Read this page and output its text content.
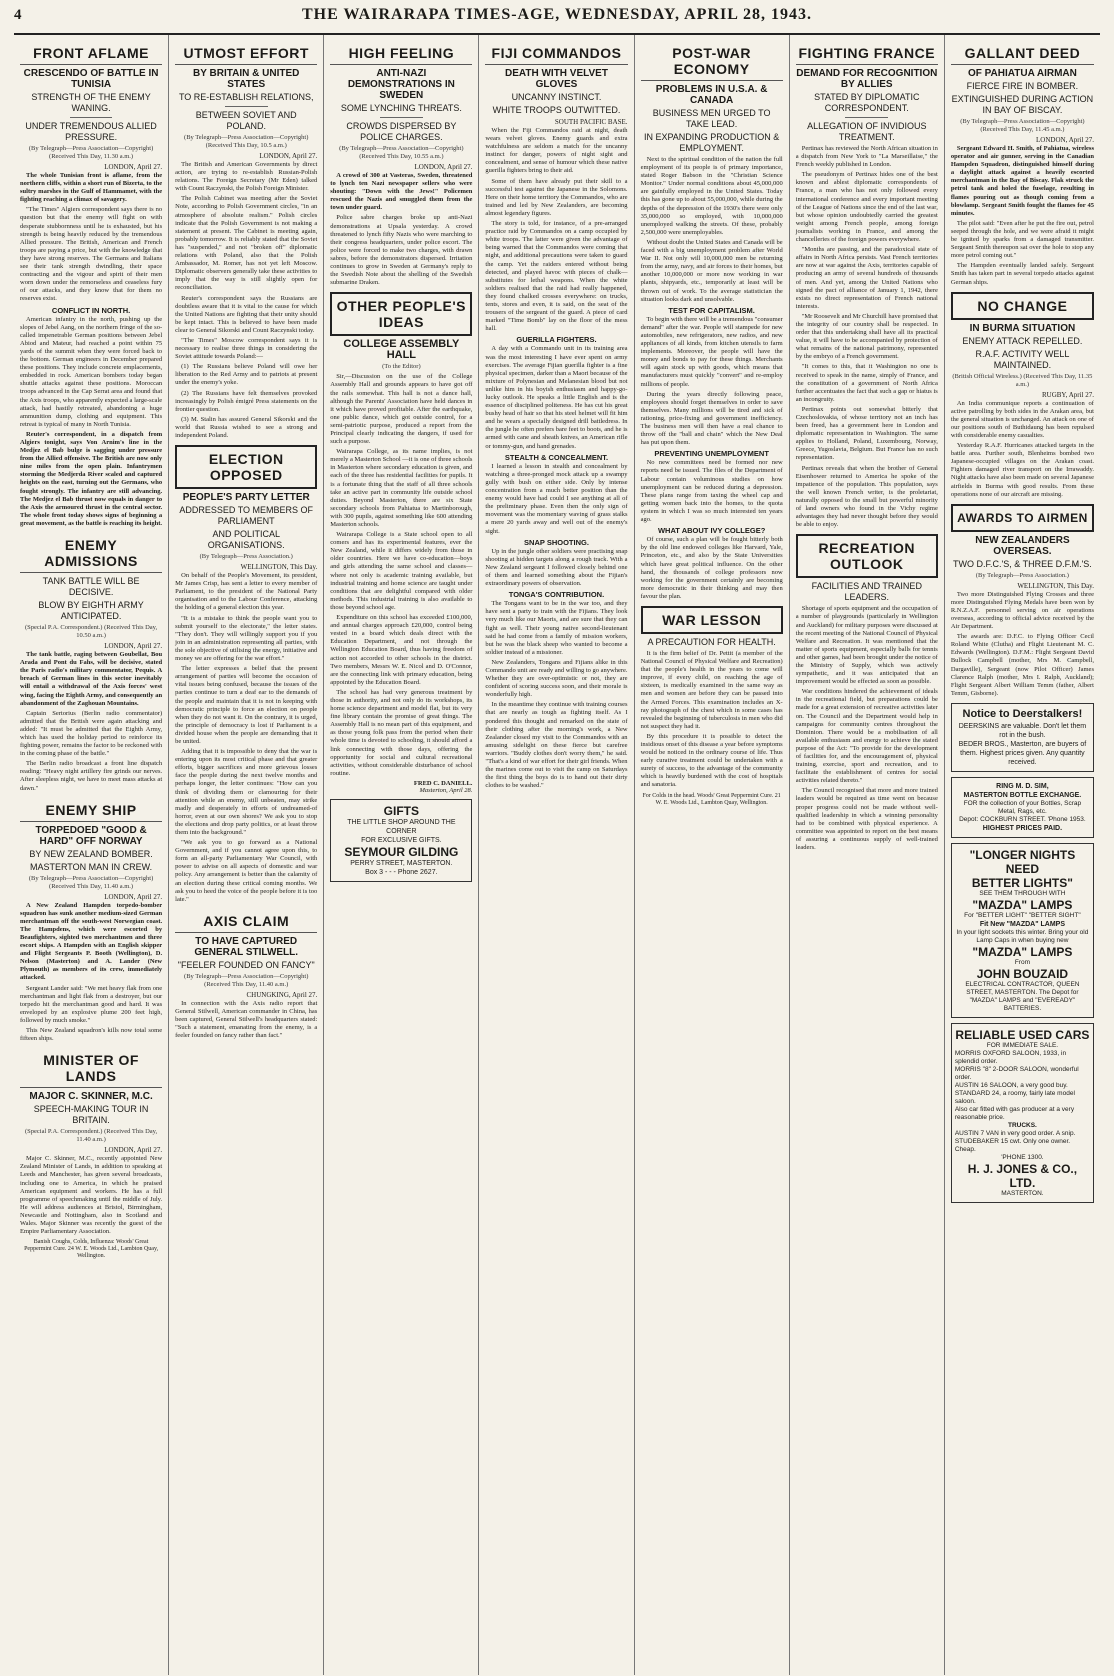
4	THE WAIRARAPA TIMES-AGE, WEDNESDAY, APRIL 28, 1943.
FRONT AFLAME
CRESCENDO OF BATTLE IN TUNISIA
STRENGTH OF THE ENEMY WANING.
UNDER TREMENDOUS ALLIED PRESSURE.
(By Telegraph—Press Association—Copyright) (Received This Day, 11.30 a.m.)
LONDON, April 27.

The whole Tunisian front is aflame, from the northern cliffs, within a short run of Bizerta, to the sultry marshes in the Gulf of Hammamet, with the fighting reaching a climax of savagery.

"The Times" Algiers correspondent says there is no question but that the enemy will fight on with desperate stubbornness until he is exhausted, but his strength is being heavily reduced by the tremendous Allied pressure. The British, American and French troops are paying a price, but with the knowledge that they have strong reserves. The Germans and Italians see their tank strength dwindling, their space contracting and the vigour and spirit of their men worn down under the remorseless and ceaseless fury of our attacks, and they know that for them no reserves exist.

CONFLICT IN NORTH.

American infantry in the north, pushing up the slopes of Jebel Aang, on the northern fringe of the so-called impenetrable German positions between Jebel Abiod and Mateur, had reached a point within 75 yards of the summit when they were forced back to the bottom. German engineers in December prepared these positions. They include concrete emplacements, embedded in rock. American bombers today began shuttle attacks against these positions. Moroccan troops advanced in the Cap Serrat area and found that the Axis troops, who apparently expected a large-scale attack, had hastily retreated, abandoning a huge ammunition dump, clothing and equipment. This retreat is typical of many in North Tunisia.

Reuter's correspondent, in a dispatch from Algiers tonight, says Von Arnim's line in the Medjez el Bab bulge is sagging under pressure from the Allied offensive. The British are now only nine miles from the open plain. Infantrymen storming the Medjerda River scaled and captured heights on the east, turning out the Germans, who fought strongly. The infantry are still advancing. The Medjez el Bab thrust now equals in danger to the Axis the armoured thrust in the central sector. The whole front today shows signs of beginning a great movement, as the battle is reaching its height.

ENEMY ADMISSIONS
TANK BATTLE WILL BE DECISIVE.
BLOW BY EIGHTH ARMY ANTICIPATED.
(Special P.A. Correspondent.) (Received This Day, 10.50 a.m.)
LONDON, April 27.

The tank battle, raging between Goubellat, Bou Arada and Pont du Fahs, will be decisive, stated the Paris radio's military commentator, Pequis. A breach of German lines in this sector inevitably will entail a withdrawal of the Axis forces' west wing, facing the Eighth Army, and consequently an abandonment of the Zaghouan Mountains.

Captain Sertorius (Berlin radio commentator) admitted that the British were again attacking and added: "It must be admitted that the Eighth Army, which has used the holiday period to reinforce its fighting power, remains the factor to be reckoned with in the coming phase of the battle."

The Berlin radio broadcast a front line dispatch reading: "Heavy night artillery fire grinds our nerves. After sleepless night, we have to meet mass attacks at dawn."

ENEMY SHIP
TORPEDOED "GOOD & HARD" OFF NORWAY
BY NEW ZEALAND BOMBER.
MASTERTON MAN IN CREW.
(By Telegraph—Press Association—Copyright) (Received This Day, 11.40 a.m.)
LONDON, April 27.

A New Zealand Hampden torpedo-bomber squadron has sunk another medium-sized German merchantman off the south-west Norwegian coast. The Hampdens, which were escorted by Beaufighters, sighted two merchantmen and three escort ships. A Hampden with an English skipper and Flight Sergeants P. Booth (Wellington), D. Nelson (Masterton) and A. Lander (New Plymouth) as members of its crew, immediately attacked.

Sergeant Lander said: "We met heavy flak from one merchantman and light flak from a destroyer, but our torpedo hit the merchantman good and hard. It was enveloped by an explosive plume 200 feet high, followed by much smoke."

This New Zealand squadron's kills now total some fifteen ships.

MINISTER OF LANDS
MAJOR C. SKINNER, M.C.
SPEECH-MAKING TOUR IN BRITAIN.
(Special P.A. Correspondent.) (Received This Day, 11.40 a.m.)
LONDON, April 27.

Major C. Skinner, M.C., recently appointed New Zealand Minister of Lands, in addition to speaking at Leeds and Manchester, has given several broadcasts, including one to America, in which he praised American equipment and workers. He has a full programme of speechmaking until the middle of July. He will address audiences at Bristol, Birmingham, Newcastle and Nottingham, also in Scotland and Wales. Major Skinner was recently the guest of the Empire Parliamentary Association.

Banish Coughs, Colds, Influenza: Woods' Great Peppermint Cure. 24 W. E. Woods Ltd., Lambton Quay, Wellington.
UTMOST EFFORT
BY BRITAIN & UNITED STATES
TO RE-ESTABLISH RELATIONS,
BETWEEN SOVIET AND POLAND.
(By Telegraph—Press Association—Copyright) (Received This Day, 10.5 a.m.)
LONDON, April 27.

The British and American Governments by direct action, are trying to re-establish Russian-Polish relations. The Foreign Secretary (Mr Eden) talked with Count Raczynski, the Polish Foreign Minister.

The Polish Cabinet was meeting after the Soviet Note, according to Polish Government circles, "in an atmosphere of absolute realism." Polish circles indicate that the Polish Government is not making a statement at present. The Cabinet is meeting again, probably tomorrow. It is reliably stated that the Soviet has "suspended," and not "broken off" diplomatic relations with Poland, also that the Polish Ambassador, M. Romer, has not yet left Moscow. Diplomatic observers generally take these activities to imply that the way is still slightly open for reconciliation.

Reuter's correspondent says the Russians are doubtless aware that it is vital to the cause for which the United Nations are fighting that their unity should be kept intact. This is believed to have been made clear to General Sikorski and Count Raczynski today.

"The Times" Moscow correspondent says it is necessary to realise three things in considering the Soviet attitude towards Poland:—

(1) The Russians believe Poland will owe her liberation to the Red Army and to patriots at present under the enemy's yoke.

(2) The Russians have felt themselves provoked increasingly by Polish émigré Press statements on the frontier question.

(3) M. Stalin has assured General Sikorski and the world that Russia wished to see a strong and independent Poland.

ELECTION OPPOSED
PEOPLE'S PARTY LETTER
ADDRESSED TO MEMBERS OF PARLIAMENT
AND POLITICAL ORGANISATIONS.
(By Telegraph—Press Association.)
WELLINGTON, This Day.

On behalf of the People's Movement, its president, Mr James Crisp, has sent a letter to every member of Parliament, to the president of the National Party organisation and to the Labour Conference, attacking the holding of a general election this year.

"It is a mistake to think the people want you to submit yourself to the electorate," the letter states. "They don't. They will willingly support you if you join in an administration representing all parties, with the sole objective of utilising the energy, initiative and money we are offering for the war effort."

The letter expresses a belief that the present arrangement of parties will become the occasion of vital issues being confused, because the issues of the parties continue to turn a deaf ear to the demands of the people and maintain that it is not in keeping with democratic principle to force an election on people when they do not want it. On the contrary, it is urged, the principle of democracy is lost if Parliament is a divided house when the people are demanding that it be united.

Adding that it is impossible to deny that the war is entering upon its most critical phase and that greater efforts, bigger sacrifices and more grievous losses face the people during the next twelve months and perhaps longer, the letter continues: "How can you think of dividing them or clamouring for their attention while an enemy, still unbeaten, may strike madly and desperately in efforts of undreamed-of horror, even at our own shores? We ask you to stop the elections and drop party politics, or at least throw them into the background."

"We ask you to go forward as a National Government, and if you cannot agree upon this, to form an all-party Parliamentary War Council, with power to advise on all aspects of domestic and war policy. Any arrangement is better than the calamity of an election during these critical coming months. We ask you to heed the voice of the people before it is too late."

AXIS CLAIM
TO HAVE CAPTURED GENERAL STILWELL.
"FEELER FOUNDED ON FANCY"
(By Telegraph—Press Association—Copyright) (Received This Day, 11.40 a.m.)
CHUNGKING, April 27.

In connection with the Axis radio report that General Stilwell, American commander in China, has been captured, General Stilwell's headquarters stated: "Such a statement, emanating from the enemy, is a feeler founded on fancy rather than fact."

HIGH FEELING
ANTI-NAZI DEMONSTRATIONS IN SWEDEN
SOME LYNCHING THREATS.
CROWDS DISPERSED BY POLICE CHARGES.
(By Telegraph—Press Association—Copyright) (Received This Day, 10.55 a.m.)
LONDON, April 27.

A crowd of 300 at Vasteras, Sweden, threatened to lynch ten Nazi newspaper sellers who were shouting: "Down with the Jews!" Policemen rescued the Nazis and smuggled them from the town under guard.

Police sabre charges broke up anti-Nazi demonstrations at Upsala yesterday. A crowd threatened to lynch fifty Nazis who were marching to their congress headquarters, under police escort. The police were forced to make two charges, with drawn sabres, before the demonstrators dispersed. Irritation continues to grow in Sweden at Germany's reply to the Swedish Note about the shelling of the Swedish submarine Draken.

OTHER PEOPLE'S IDEAS
COLLEGE ASSEMBLY HALL
(To the Editor)

Sir,—Discussion on the use of the College Assembly Hall and grounds appears to have got off the rails somewhat. This hall is not a dance hall, although the Parents' Association have held dances in it which have proved profitable. After the earthquake, one public dance, which got outside control, for a semi-patriotic purpose, produced a report from the Principal clearly indicating the dangers, if used for such a purpose.

Wairarapa College, as its name implies, is not merely a Masterton School —it is one of three schools in Masterton where secondary education is given, and each of the three has residential facilities for pupils. It is a fortunate thing that the staff of all three schools take an active part in community life outside school duties. Beyond Masterton, there are six State secondary schools from Pahiatua to Martinborough, with 300 pupils, against something like 600 attending Masterton schools.

Wairarapa College is a State school open to all comers and has its experimental features, ever the New Zealand, while it differs widely from those in older countries. Here we have co-education—boys and girls attending the same school and classes—where not only is academic training available, but industrial training and home science are taught under conditions that are delightful compared with older methods. This industrial training is also available to those beyond school age.

Expenditure on this school has exceeded £100,000, and annual charges approach £20,000, control being vested in a board which deals direct with the Education Department, and not through the Wellington Education Board, thus having freedom of action not accorded to other schools in the district. Two members, Messrs W. E. Nicol and D. O'Connor, are the connecting link with primary education, being appointed by the Education Board.

The school has had very generous treatment by those in authority, and not only do its workshops, its home science department and model flat, but its very fine library contain the promise of great things. The Assembly Hall is no mean part of this equipment, and as those young folk pass from the period when their whole time is devoted to schooling, it should afford a link connecting with those days, offering the opportunity for social and cultural recreational activities, without considerable disturbance of school routine.

FRED C. DANIELL.
Masterton, April 28.
GIFTS
THE LITTLE SHOP AROUND THE CORNER
FOR EXCLUSIVE GIFTS.
SEYMOUR GILDING
PERRY STREET, MASTERTON.
Box 3 - - - Phone 2627.
FIJI COMMANDOS
DEATH WITH VELVET GLOVES
UNCANNY INSTINCT.
WHITE TROOPS OUTWITTED.
SOUTH PACIFIC BASE.

When the Fiji Commandos raid at night, death wears velvet gloves. Enemy guards and extra watchfulness are seldom a match for the uncanny instinct for danger, powers of night sight and concealment, and sense of humour which these native guerilla fighters bring to their aid.

Some of them have already put their skill to a successful test against the Japanese in the Solomons. Here on their home territory the Commandos, who are trained and led by New Zealanders, are becoming almost legendary figures.

The story is told, for instance, of a pre-arranged practice raid by Commandos on a camp occupied by white troops. The latter were given the advantage of being warned that the Commandos were coming that night, and additional precautions were taken to guard the camp. Yet the raiders entered without being detected, and played havoc with pieces of chalk—substitutes for lethal weapons. When the white soldiers realised that the raid had really happened, they found chalked crosses everywhere: on trucks, tents, stores and even, it is said, on the seat of the trousers of the sergeant of the guard. A piece of card marked "Time Bomb" lay on the floor of the mess hall.

GUERILLA FIGHTERS.

A day with a Commando unit in its training area was the most interesting I have ever spent on army exercises. The average Fijian guerilla fighter is a fine physical specimen, darker than a Maori because of the mixture of Polynesian and Melanesian blood but not unlike him in his boyish enthusiasm and happy-go-lucky outlook. He speaks a little English and is the essence of disciplined politeness. He has cut his great bushy head of hair so that his steel helmet will fit him and he wears a specially designed drill battledress. In the jungle he often prefers bare feet to boots, and he is armed with cane and sheath knives, an American rifle or tommy-gun, and hand grenades.

STEALTH & CONCEALMENT.

I learned a lesson in stealth and concealment by watching a three-pronged mock attack up a swampy gully with bush on either side. Only by intense concentration from a much better position than the enemy would have had could I see anything at all of the preliminary phase. Even then the only sign of movement was the momentary waving of grass stalks a mere 20 yards away and well out of the enemy's sight.

SNAP SHOOTING.

Up in the jungle other soldiers were practising snap shooting at hidden targets along a rough track. With a New Zealand sergeant I followed closely behind one of them and learned something about the Fijian's extraordinary powers of observation.

TONGA'S CONTRIBUTION.

The Tongans want to be in the war too, and they have sent a party to train with the Fijians. They look very much like our Maoris, and are sure that they can fight as well. Their young native second-lieutenant said he had come from a family of mission workers, but he was the black sheep who wanted to become a soldier instead of a missioner.

New Zealanders, Tongans and Fijians alike in this Commando unit are ready and willing to go anywhere. Whether they are over-optimistic or not, they are confident of scoring success soon, and their morale is wonderfully high.

In the meantime they continue with training courses that are nearly as tough as fighting itself. As I pondered this thought and remarked on the state of their clothing after the morning's work, a New Zealander closed my visit to the Commandos with an amusing sidelight on these fierce but carefree warriors. "Buddy clothes don't worry them," he said. "That's a kind of war effort for their girl friends. When the marines come out to visit the camp on Saturdays the first thing the boys do is to hand out their dirty clothes to be washed."

POST-WAR ECONOMY
PROBLEMS IN U.S.A. & CANADA
BUSINESS MEN URGED TO TAKE LEAD.
IN EXPANDING PRODUCTION & EMPLOYMENT.

Next to the spiritual condition of the nation the full employment of its people is of primary importance, stated Roger Babson in the "Christian Science Monitor." Under normal conditions about 45,000,000 are gainfully employed in the United States. Today this has gone up to about 55,000,000, while during the depths of the depression of the 1930's there were only 35,000,000 so employed, with 10,000,000 unemployed walking the streets. Of these, probably 2,500,000 were unemployables.

Without doubt the United States and Canada will be faced with a big unemployment problem after World War II. Not only will 10,000,000 men be returning from the army, navy, and air forces to their homes, but another 10,000,000 or more now working in war plants, shipyards, etc., temporarily at least will be thrown out of work. To the average statistician the situation looks dark and unsolvable.

TEST FOR CAPITALISM.

To begin with there will be a tremendous "consumer demand" after the war. People will stampede for new automobiles, new refrigerators, new radios, and new appliances of all kinds, from kitchen utensils to farm implements. Moreover, the people will have the money and bonds to pay for these things. Merchants will again stock up with goods, which means that manufacturers must quickly "convert" and re-employ millions of people.

During the years directly following peace, employees should forget themselves in order to save themselves. Many millions will be tired and sick of rationing, price-fixing and government inefficiency. The business men will then have a real chance to throw off the "ball and chain" which the New Deal has put upon them.

PREVENTING UNEMPLOYMENT

No new committees need be formed nor new reports need be issued. The files of the Department of Labour contain voluminous studies on how unemployment can be reduced during a depression. These plans range from taxing the wheel cap and getting women back into the homes, to the quota system in which I was so much interested ten years ago.

WHAT ABOUT IVY COLLEGE?

Of course, such a plan will be fought bitterly both by the old line endowed colleges like Harvard, Yale, Princeton, etc., and also by the State Universities which have great political influence. On the other hand, the thousands of college professors now working for the government certainly are becoming more democratic in their thinking and may then favour the plan.

WAR LESSON
A PRECAUTION FOR HEALTH.

It is the firm belief of Dr. Pettit (a member of the National Council of Physical Welfare and Recreation) that the people's health in the years to come will improve, if every child, on reaching the age of sixteen, is medically examined in the same way as men and women are before they can be passed into the Armed Forces. This examination includes an X-ray photograph of the chest which in some cases has revealed the beginning of tuberculosis in men who did not suspect they had it.

By this procedure it is possible to detect the insidious onset of this disease a year before symptoms would be noticed in the ordinary course of life. Thus early curative treatment could be undertaken with a surety of success, to the advantage of the community which is heavily burdened with the cost of hospitals and sanatoria.

For Colds in the head. Woods' Great Peppermint Cure. 21 W. E. Woods Ltd., Lambton Quay, Wellington.
FIGHTING FRANCE
DEMAND FOR RECOGNITION BY ALLIES
STATED BY DIPLOMATIC CORRESPONDENT.
ALLEGATION OF INVIDIOUS TREATMENT.

Pertinax has reviewed the North African situation in a dispatch from New York to "La Marseillaise," the French weekly published in London.

The pseudonym of Pertinax hides one of the best known and ablest diplomatic correspondents of France, a man who has not only followed every international conference and every important meeting of the League of Nations since the end of the last war, but whose opinion undoubtedly carried the greatest weight among French people, among foreign journalists working in France, and among the chancelleries of the foreign powers everywhere.

"Months are passing, and the paradoxical state of affairs in North Africa persists. Vast French territories are now at war against the Axis, territories capable of producing an army of several hundreds of thousands of men. And yet, among the United Nations who signed the pact of alliance of January 1, 1942, there exists no direct representation of French national interests.

"Mr Roosevelt and Mr Churchill have promised that the integrity of our country shall be respected. In order that this undertaking shall have all its practical value, it will have to be accompanied by protection of what remains of the national patrimony, represented by the embryo of a French government.

"It comes to this, that it Washington no one is received to speak in the name, simply of France, and the constitution of a government of North Africa further accentuates the fact that such a gap or hiatus is an incongruity.

Pertinax points out somewhat bitterly that Czechoslovakia, of whose territory not an inch has been freed, has a government here in London and diplomatic representation in Washington. The same applies to Holland, Poland, Luxembourg, Norway, Greece, Yugoslavia, Belgium. But France has no such representation.

Pertinax reveals that when the brother of General Eisenhower returned to America he spoke of the impatience of the population. This population, says the well known French writer, is the proletariat, naturally opposed to the small but powerful minority of land owners who found in the Vichy regime advantages they had never thought before they would be able to enjoy.

RECREATION OUTLOOK
FACILITIES AND TRAINED LEADERS.

Shortage of sports equipment and the occupation of a number of playgrounds (particularly in Wellington and Auckland) for military purposes were discussed at the recent meeting of the National Council of Physical Welfare and Recreation. It was mentioned that the matter of sports equipment, especially balls for tennis and other games, had been brought under the notice of the Ministry of Supply, which was actively sympathetic, and it was anticipated that an improvement would be effected as soon as possible.

War conditions hindered the achievement of ideals in the recreational field, but preparations could be made for a great extension of recreative activities later on. The Council and the Department would help in campaigns for community centres throughout the Dominion. There would be a mobilisation of all available enthusiasm and energy to achieve the stated purpose of the Act: "To provide for the development of facilities for, and the encouragement of, physical training, exercise, sport and recreation, and to facilitate the establishment of centres for social activities related thereto."

The Council recognised that more and more trained leaders would be required as time went on because proper progress could not be made without well-qualified leadership in which a winning personality had to be combined with physical experience. A committee was appointed to report on the best means of assuring a continuous supply of well-trained leaders.

GALLANT DEED
OF PAHIATUA AIRMAN
FIERCE FIRE IN BOMBER.
EXTINGUISHED DURING ACTION IN BAY OF BISCAY.
(By Telegraph—Press Association—Copyright) (Received This Day, 11.45 a.m.)
LONDON, April 27.

Sergeant Edward H. Smith, of Pahiatua, wireless operator and air gunner, serving in the Canadian Hampden Squadron, distinguished himself during a daylight attack against a heavily escorted merchantman in the Bay of Biscay. Flak struck the petrol tank and holed the fuselage, resulting in flames pouring out as though coming from a blowlamp. Sergeant Smith fought the flames for 45 minutes.

The pilot said: "Even after he put the fire out, petrol seeped through the hole, and we were afraid it might be ignited by sparks from a damaged transmitter. Sergeant Smith thereupon sat over the hole to stop any more petrol coming out."

The Hampden eventually landed safely. Sergeant Smith has taken part in several torpedo attacks against German ships.

NO CHANGE
IN BURMA SITUATION
ENEMY ATTACK REPELLED.
R.A.F. ACTIVITY WELL MAINTAINED.
(British Official Wireless.) (Received This Day, 11.35 a.m.)
RUGBY, April 27.

An India communique reports a continuation of active patrolling by both sides in the Arakan area, but the general situation is unchanged. An attack on one of our positions south of Buthidaung has been repulsed with considerable enemy casualties.

Yesterday R.A.F. Hurricanes attacked targets in the battle area. Further south, Blenheims bombed two Japanese-occupied villages on the Arakan coast. Fighters damaged river transport on the Irrawaddy. Night attacks have also been made on several Japanese airfields in Burma with good results. From these operations none of our aircraft are missing.

AWARDS TO AIRMEN
NEW ZEALANDERS OVERSEAS.
TWO D.F.C.'S, & THREE D.F.M.'S.
(By Telegraph—Press Association.)
WELLINGTON, This Day.

Two more Distinguished Flying Crosses and three more Distinguished Flying Medals have been won by R.N.Z.A.F. personnel serving on air operations overseas, according to official advice received by the Air Department.

The awards are: D.F.C. to Flying Officer Cecil Roland White (Clutha) and Flight Lieutenant M. C. Edwards (Wellington). D.F.M.: Flight Sergeant David Bullock Campbell (mother, Mrs M. Campbell, Dargaville), Sergeant (now Pilot Officer) James Clarence Ralph (mother, Mrs I. Ralph, Auckland); Flight Sergeant Albert William Temm (father, Albert Temm, Gisborne).

Notice to Deerstalkers!
DEERSKINS are valuable. Don't let them rot in the bush.
BEDER BROS., Masterton, are buyers of them. Highest prices given. Any quantity received.
RING M. D. SIM,
MASTERTON BOTTLE EXCHANGE.
FOR the collection of your Bottles, Scrap Metal, Rags, etc.
Depot: COCKBURN STREET. 'Phone 1953.
HIGHEST PRICES PAID.
"LONGER NIGHTS
NEED
BETTER LIGHTS"
SEE THEM THROUGH WITH
"MAZDA" LAMPS
For "BETTER LIGHT" "BETTER SIGHT"
Fit New "MAZDA" LAMPS
In your light sockets this winter. Bring your old Lamp Caps in when buying new
"MAZDA" LAMPS
From
JOHN BOUZAID
ELECTRICAL CONTRACTOR, QUEEN STREET, MASTERTON. The Depot for "MAZDA" LAMPS and "EVEREADY" BATTERIES.
RELIABLE USED CARS
FOR IMMEDIATE SALE.
MORRIS OXFORD SALOON, 1933, in splendid order.
MORRIS "8" 2-DOOR SALOON, wonderful order.
AUSTIN 16 SALOON, a very good buy.
STANDARD 24, a roomy, fairly late model saloon.
Also car fitted with gas producer at a very reasonable price.
TRUCKS.
AUSTIN 7 VAN in very good order. A snip.
STUDEBAKER 15 cwt. Only one owner. Cheap.
'PHONE 1300.
H. J. JONES & CO., LTD.
MASTERTON.
